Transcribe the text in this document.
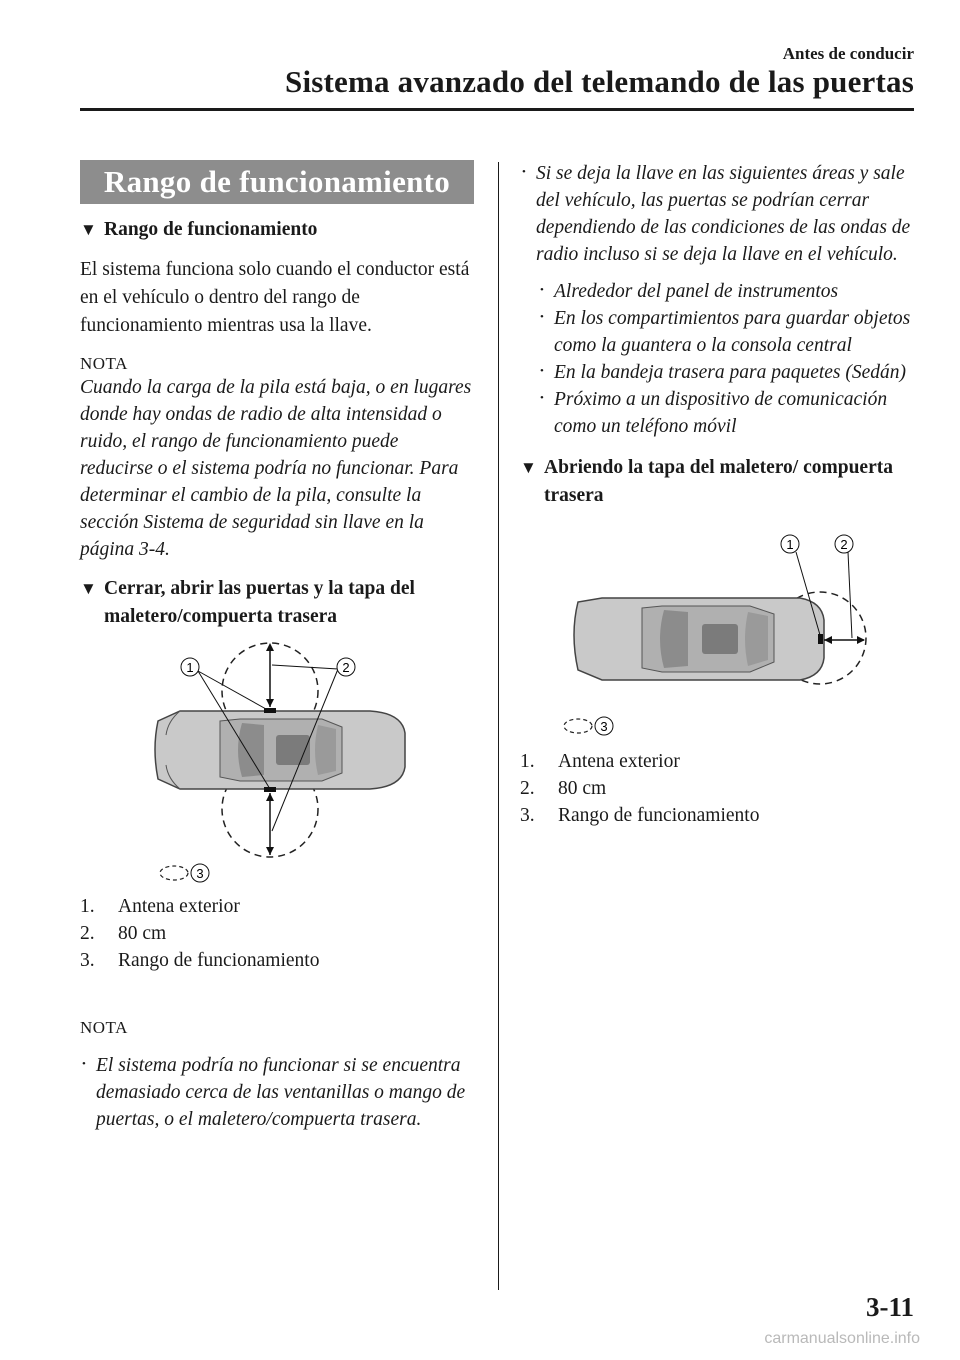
Antes de conducir
Sistema avanzado del telemando de las puertas
Rango de funcionamiento
▼ Rango de funcionamiento

El sistema funciona solo cuando el conductor está en el vehículo o dentro del rango de funcionamiento mientras usa la llave.

NOTA

Cuando la carga de la pila está baja, o en lugares donde hay ondas de radio de alta intensidad o ruido, el rango de funcionamiento puede reducirse o el sistema podría no funcionar. Para determinar el cambio de la pila, consulte la sección Sistema de seguridad sin llave en la página 3-4.

▼ Cerrar, abrir las puertas y la tapa del maletero/compuerta trasera
1	2
3
1.	Antena exterior
2.	80 cm
3.	Rango de funcionamiento
NOTA
• El sistema podría no funcionar si se encuentra demasiado cerca de las ventanillas o mango de puertas, o el maletero/compuerta trasera.
• Si se deja la llave en las siguientes áreas y sale del vehículo, las puertas se podrían cerrar dependiendo de las condiciones de las ondas de radio incluso si se deja la llave en el vehículo.
• Alrededor del panel de instrumentos
• En los compartimientos para guardar objetos como la guantera o la consola central
• En la bandeja trasera para paquetes (Sedán)
• Próximo a un dispositivo de comunicación como un teléfono móvil
▼ Abriendo la tapa del maletero/ compuerta trasera
1	2
3
1.	Antena exterior
2.	80 cm
3.	Rango de funcionamiento
3-11
carmanualsonline.info
